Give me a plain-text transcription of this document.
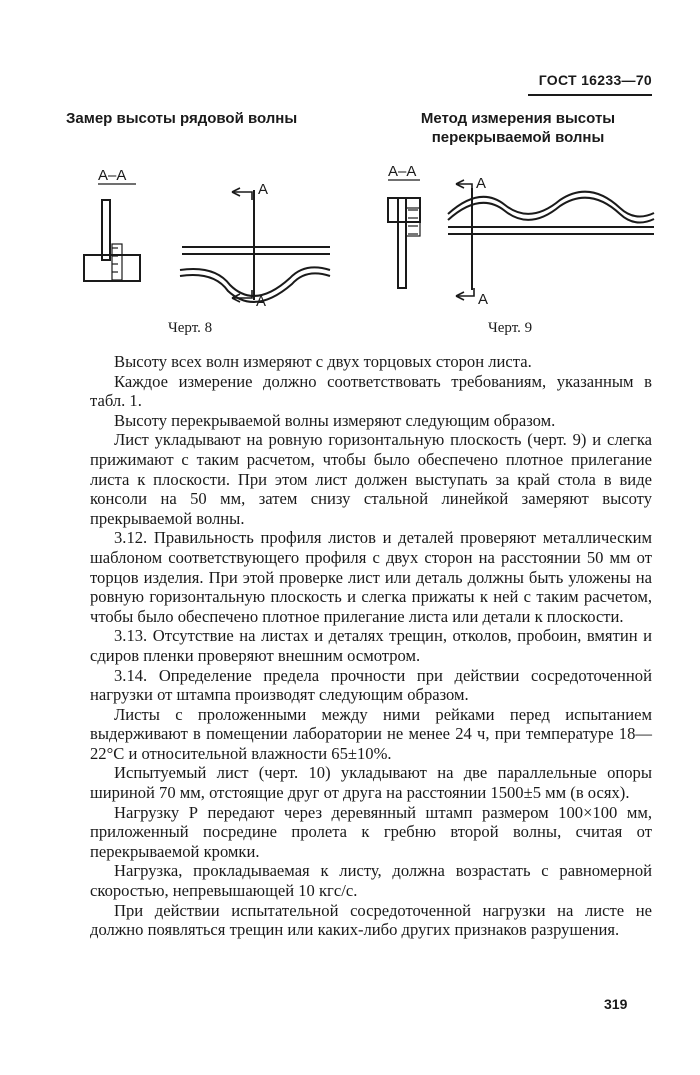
ГОСТ 16233—70
Замер высоты рядовой волны	Метод измерения высоты
перекрываемой волны
А–А
А
А
А–А
А
А
Черт. 8	Черт. 9

Высоту всех волн измеряют с двух торцовых сторон листа.

Каждое измерение должно соответствовать требованиям, указанным в табл. 1.

Высоту перекрываемой волны измеряют следующим образом.

Лист укладывают на ровную горизонтальную плоскость (черт. 9) и слегка прижимают с таким расчетом, чтобы было обеспечено плотное прилегание листа к плоскости. При этом лист должен выступать за край стола в виде консоли на 50 мм, затем снизу стальной линейкой замеряют высоту прекрываемой волны.

3.12. Правильность профиля листов и деталей проверяют металлическим шаблоном соответствующего профиля с двух сторон на расстоянии 50 мм от торцов изделия. При этой проверке лист или деталь должны быть уложены на ровную горизонтальную плоскость и слегка прижаты к ней с таким расчетом, чтобы было обеспечено плотное прилегание листа или детали к плоскости.

3.13. Отсутствие на листах и деталях трещин, отколов, пробоин, вмятин и сдиров пленки проверяют внешним осмотром.

3.14. Определение предела прочности при действии сосредоточенной нагрузки от штампа производят следующим образом.

Листы с проложенными между ними рейками перед испытанием выдерживают в помещении лаборатории не менее 24 ч, при температуре 18—22°С и относительной влажности 65±10%.

Испытуемый лист (черт. 10) укладывают на две параллельные опоры шириной 70 мм, отстоящие друг от друга на расстоянии 1500±5 мм (в осях).

Нагрузку Р передают через деревянный штамп размером 100×100 мм, приложенный посредине пролета к гребню второй волны, считая от перекрываемой кромки.

Нагрузка, прокладываемая к листу, должна возрастать с равномерной скоростью, непревышающей 10 кгс/с.

При действии испытательной сосредоточенной нагрузки на листе не должно появляться трещин или каких-либо других признаков разрушения.

319
